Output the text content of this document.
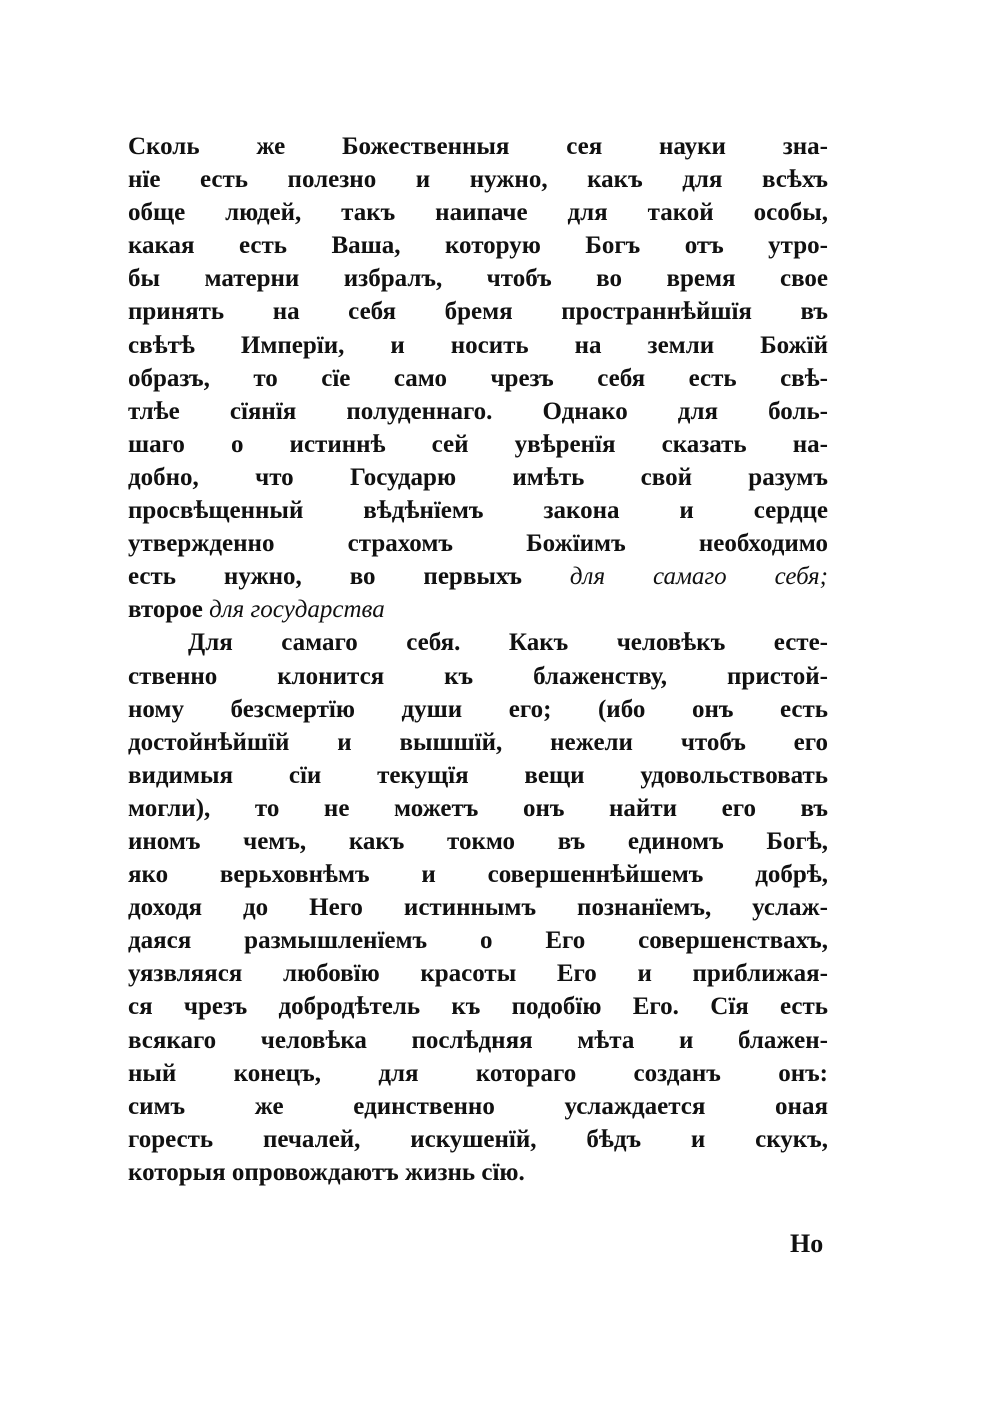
Сколь же Божественныя сея науки зна-
нїе есть полезно и нужно, какъ для всѣхъ
обще людей, такъ наипаче для такой особы,
какая есть Ваша, которую Богъ отъ утро-
бы матерни избралъ, чтобъ во время свое
принять на себя бремя пространнѣйшїя въ
свѣтѣ Имперїи, и носить на земли Божїй
образъ, то сїе само чрезъ себя есть свѣ-
тлѣе сїянїя полуденнаго. Однако для боль-
шаго о истиннѣ сей увѣренїя сказать на-
добно, что Государю имѣть свой разумъ
просвѣщенный вѣдѣнїемъ закона и сердце
утвержденно страхомъ Божїимъ необходимо
есть нужно, во первыхъ для самаго себя;
второе для государства
Для самаго себя. Какъ человѣкъ есте-
ственно клонится къ блаженству, пристой-
ному безсмертїю души его; (ибо онъ есть
достойнѣйшїй и вышшїй, нежели чтобъ его
видимыя сїи текущїя вещи удовольствовать
могли), то не можетъ онъ найти его въ
иномъ чемъ, какъ токмо въ единомъ Богѣ,
яко верьховнѣмъ и совершеннѣйшемъ добрѣ,
доходя до Него истиннымъ познанїемъ, услаж-
даяся размышленїемъ о Его совершенствахъ,
уязвляяся любовїю красоты Его и приближая-
ся чрезъ добродѣтель къ подобїю Его. Сїя есть
всякаго человѣка послѣдняя мѣта и блажен-
ный конецъ, для котораго созданъ онъ:
симъ же единственно услаждается оная
горесть печалей, искушенїй, бѣдъ и скукъ,
которыя опровождаютъ жизнь сїю.
Но
